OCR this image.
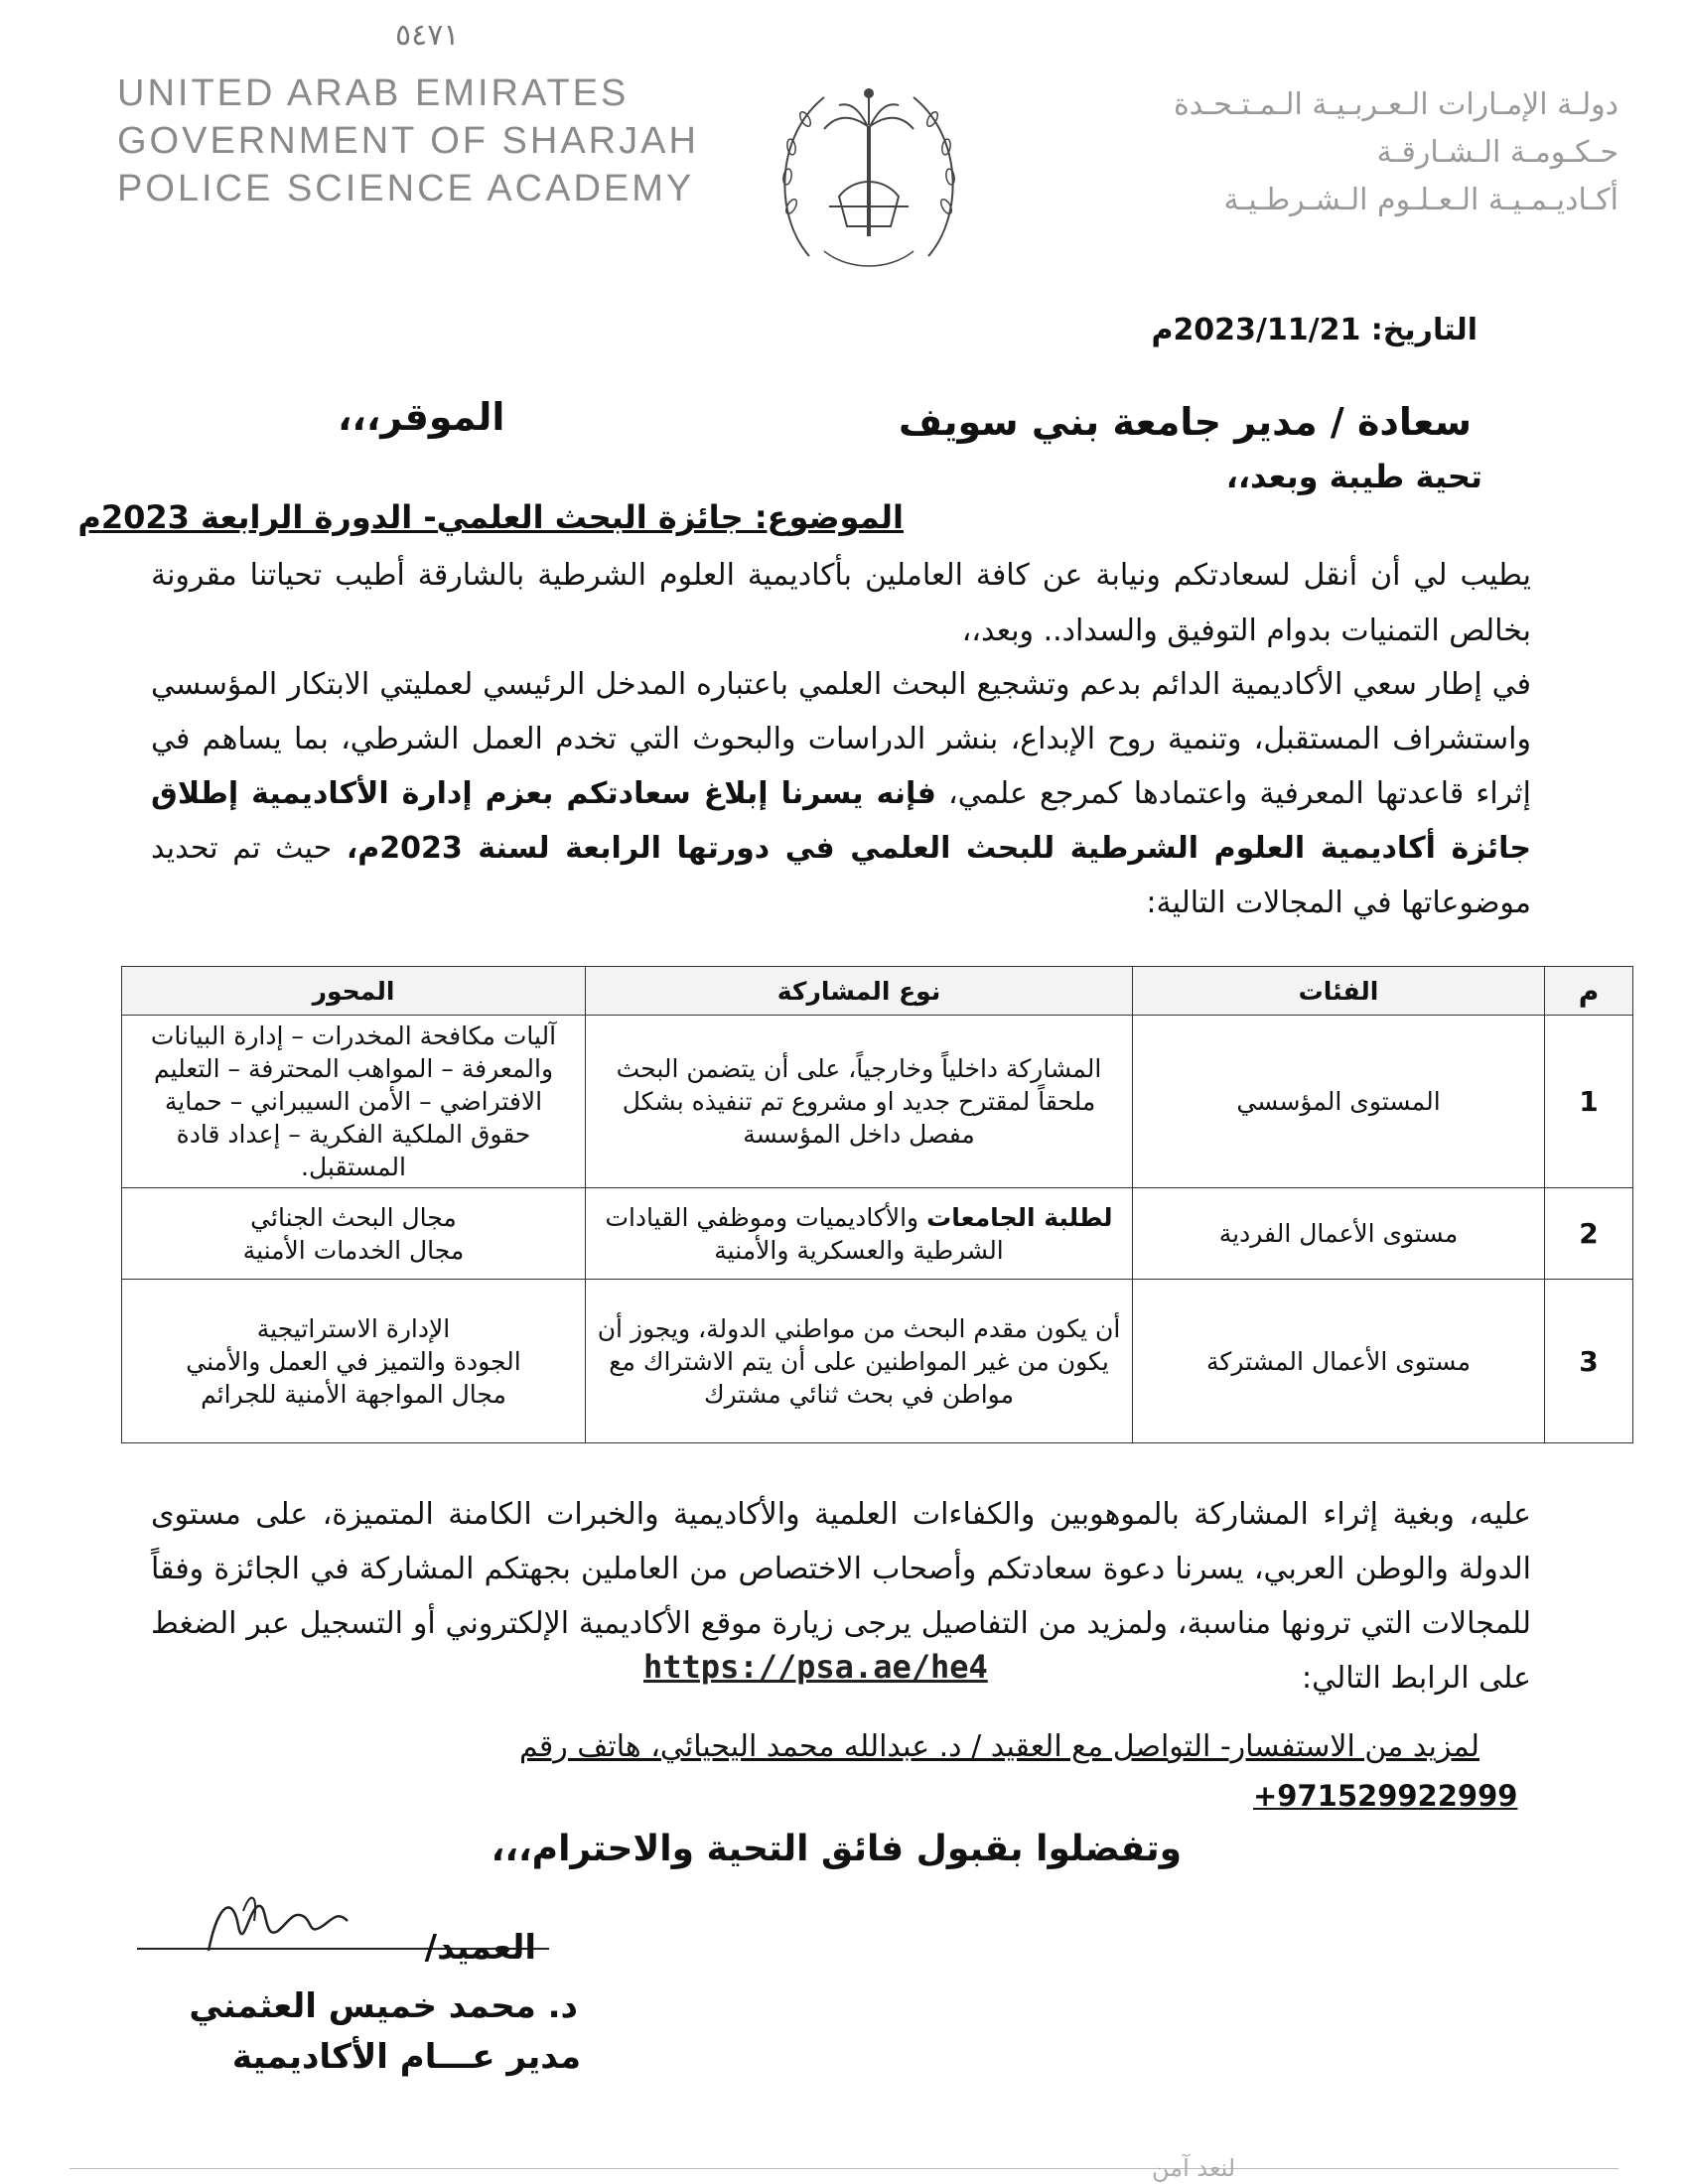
٥٤٧١
UNITED ARAB EMIRATES
GOVERNMENT OF SHARJAH
POLICE SCIENCE ACADEMY
دولـة الإمـارات الـعـربـيـة الـمـتـحـدة
حـكـومـة الـشـارقـة
أكـاديـمـيـة الـعـلـوم الـشـرطـيـة
التاريخ: 2023/11/21م
سعادة / مدير جامعة بني سويف
الموقر،،،
تحية طيبة وبعد،،
الموضوع: جائزة البحث العلمي- الدورة الرابعة 2023م
يطيب لي أن أنقل لسعادتكم ونيابة عن كافة العاملين بأكاديمية العلوم الشرطية بالشارقة أطيب تحياتنا مقرونة بخالص التمنيات بدوام التوفيق والسداد.. وبعد،،
في إطار سعي الأكاديمية الدائم بدعم وتشجيع البحث العلمي باعتباره المدخل الرئيسي لعمليتي الابتكار المؤسسي واستشراف المستقبل، وتنمية روح الإبداع، بنشر الدراسات والبحوث التي تخدم العمل الشرطي، بما يساهم في إثراء قاعدتها المعرفية واعتمادها كمرجع علمي، فإنه يسرنا إبلاغ سعادتكم بعزم إدارة الأكاديمية إطلاق جائزة أكاديمية العلوم الشرطية للبحث العلمي في دورتها الرابعة لسنة 2023م، حيث تم تحديد موضوعاتها في المجالات التالية:
م	الفئات	نوع المشاركة	المحور
1	المستوى المؤسسي	المشاركة داخلياً وخارجياً، على أن يتضمن البحث ملحقاً لمقترح جديد او مشروع تم تنفيذه بشكل مفصل داخل المؤسسة	آليات مكافحة المخدرات – إدارة البيانات والمعرفة – المواهب المحترفة – التعليم الافتراضي – الأمن السيبراني – حماية حقوق الملكية الفكرية – إعداد قادة المستقبل.
2	مستوى الأعمال الفردية	لطلبة الجامعات والأكاديميات وموظفي القيادات الشرطية والعسكرية والأمنية	مجال البحث الجنائي
مجال الخدمات الأمنية

3	مستوى الأعمال المشتركة	أن يكون مقدم البحث من مواطني الدولة، ويجوز أن يكون من غير المواطنين على أن يتم الاشتراك مع مواطن في بحث ثنائي مشترك	الإدارة الاستراتيجية
الجودة والتميز في العمل والأمني
مجال المواجهة الأمنية للجرائم
عليه، وبغية إثراء المشاركة بالموهوبين والكفاءات العلمية والأكاديمية والخبرات الكامنة المتميزة، على مستوى الدولة والوطن العربي، يسرنا دعوة سعادتكم وأصحاب الاختصاص من العاملين بجهتكم المشاركة في الجائزة وفقاً للمجالات التي ترونها مناسبة، ولمزيد من التفاصيل يرجى زيارة موقع الأكاديمية الإلكتروني أو التسجيل عبر الضغط على الرابط التالي:
https://psa.ae/he4
لمزيد من الاستفسار- التواصل مع العقيد / د. عبدالله محمد اليحيائي، هاتف رقم
+971529922999
وتفضلوا بقبول فائق التحية والاحترام،،،
العميد/
د. محمد خميس العثمني
مدير عـــام الأكاديمية
لنعد آمن
